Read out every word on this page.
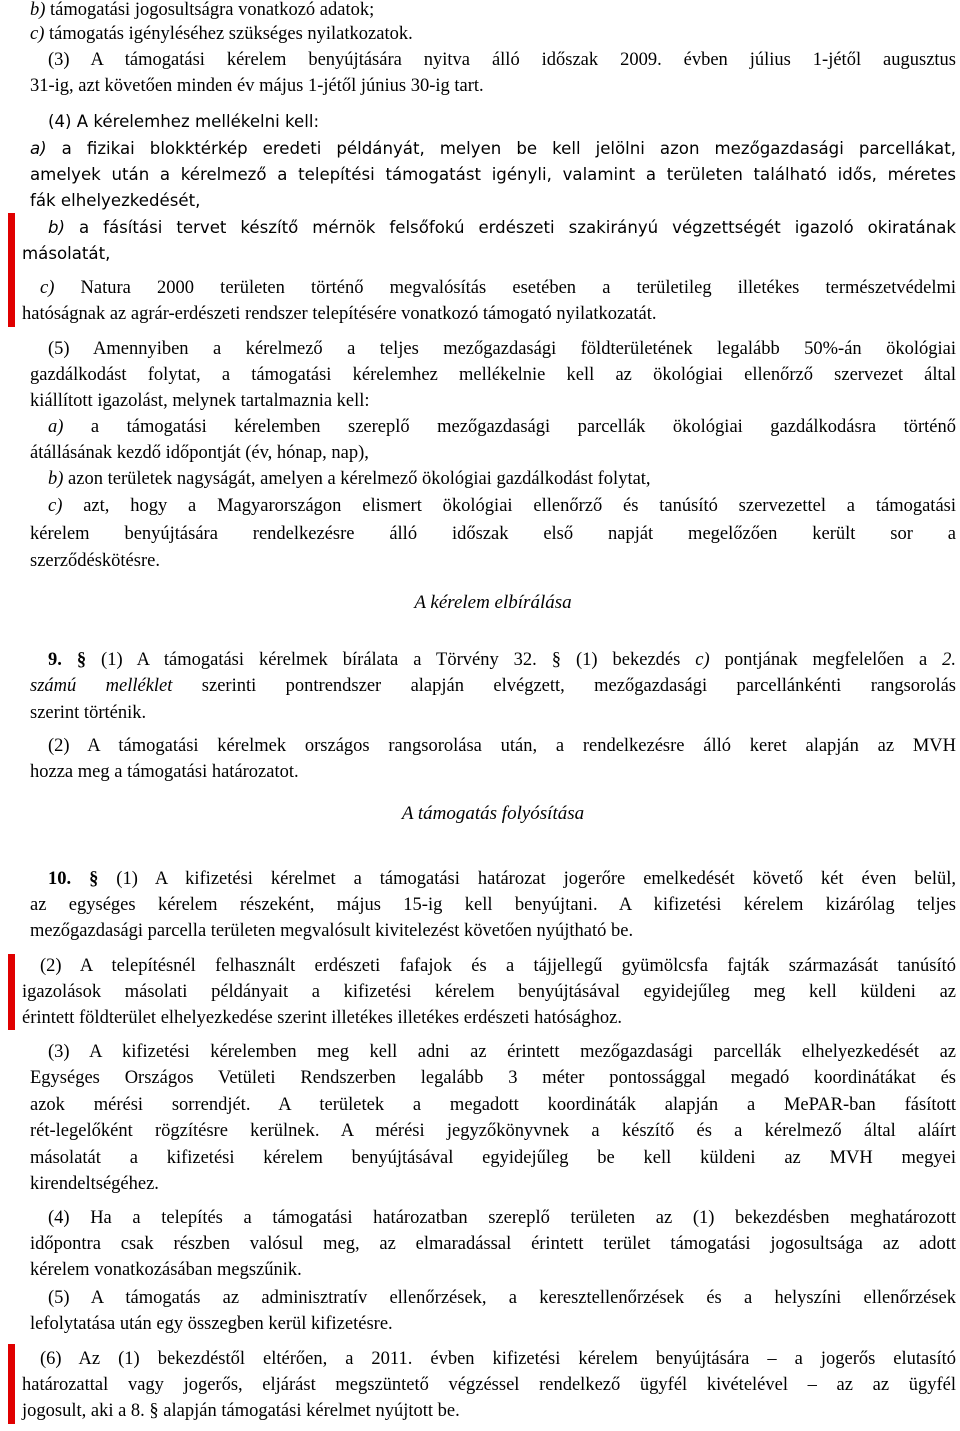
b) támogatási jogosultságra vonatkozó adatok;
c) támogatás igényléséhez szükséges nyilatkozatok.
(3) A támogatási kérelem benyújtására nyitva álló időszak 2009. évben július 1-jétől augusztus
31-ig, azt követően minden év május 1-jétől június 30-ig tart.
(4) A kérelemhez mellékelni kell:
a) a fizikai blokktérkép eredeti példányát, melyen be kell jelölni azon mezőgazdasági parcellákat,
amelyek után a kérelmező a telepítési támogatást igényli, valamint a területen található idős, méretes
fák elhelyezkedését,
b) a fásítási tervet készítő mérnök felsőfokú erdészeti szakirányú végzettségét igazoló okiratának
másolatát,
c) Natura 2000 területen történő megvalósítás esetében a területileg illetékes természetvédelmi
hatóságnak az agrár-erdészeti rendszer telepítésére vonatkozó támogató nyilatkozatát.
(5) Amennyiben a kérelmező a teljes mezőgazdasági földterületének legalább 50%-án ökológiai
gazdálkodást folytat, a támogatási kérelemhez mellékelnie kell az ökológiai ellenőrző szervezet által
kiállított igazolást, melynek tartalmaznia kell:
a) a támogatási kérelemben szereplő mezőgazdasági parcellák ökológiai gazdálkodásra történő
átállásának kezdő időpontját (év, hónap, nap),
b) azon területek nagyságát, amelyen a kérelmező ökológiai gazdálkodást folytat,
c) azt, hogy a Magyarországon elismert ökológiai ellenőrző és tanúsító szervezettel a támogatási
kérelem benyújtására rendelkezésre álló időszak első napját megelőzően került sor a
szerződéskötésre.
A kérelem elbírálása
9. § (1) A támogatási kérelmek bírálata a Törvény 32. § (1) bekezdés c) pontjának megfelelően a 2.
számú melléklet szerinti pontrendszer alapján elvégzett, mezőgazdasági parcellánkénti rangsorolás
szerint történik.
(2) A támogatási kérelmek országos rangsorolása után, a rendelkezésre álló keret alapján az MVH
hozza meg a támogatási határozatot.
A támogatás folyósítása
10. § (1) A kifizetési kérelmet a támogatási határozat jogerőre emelkedését követő két éven belül,
az egységes kérelem részeként, május 15-ig kell benyújtani. A kifizetési kérelem kizárólag teljes
mezőgazdasági parcella területen megvalósult kivitelezést követően nyújtható be.
(2) A telepítésnél felhasznált erdészeti fafajok és a tájjellegű gyümölcsfa fajták származását tanúsító
igazolások másolati példányait a kifizetési kérelem benyújtásával egyidejűleg meg kell küldeni az
érintett földterület elhelyezkedése szerint illetékes illetékes erdészeti hatósághoz.
(3) A kifizetési kérelemben meg kell adni az érintett mezőgazdasági parcellák elhelyezkedését az
Egységes Országos Vetületi Rendszerben legalább 3 méter pontossággal megadó koordinátákat és
azok mérési sorrendjét. A területek a megadott koordináták alapján a MePAR-ban fásított
rét-legelőként rögzítésre kerülnek. A mérési jegyzőkönyvnek a készítő és a kérelmező által aláírt
másolatát a kifizetési kérelem benyújtásával egyidejűleg be kell küldeni az MVH megyei
kirendeltségéhez.
(4) Ha a telepítés a támogatási határozatban szereplő területen az (1) bekezdésben meghatározott
időpontra csak részben valósul meg, az elmaradással érintett terület támogatási jogosultsága az adott
kérelem vonatkozásában megszűnik.
(5) A támogatás az adminisztratív ellenőrzések, a keresztellenőrzések és a helyszíni ellenőrzések
lefolytatása után egy összegben kerül kifizetésre.
(6) Az (1) bekezdéstől eltérően, a 2011. évben kifizetési kérelem benyújtására – a jogerős elutasító
határozattal vagy jogerős, eljárást megszüntető végzéssel rendelkező ügyfél kivételével – az az ügyfél
jogosult, aki a 8. § alapján támogatási kérelmet nyújtott be.
